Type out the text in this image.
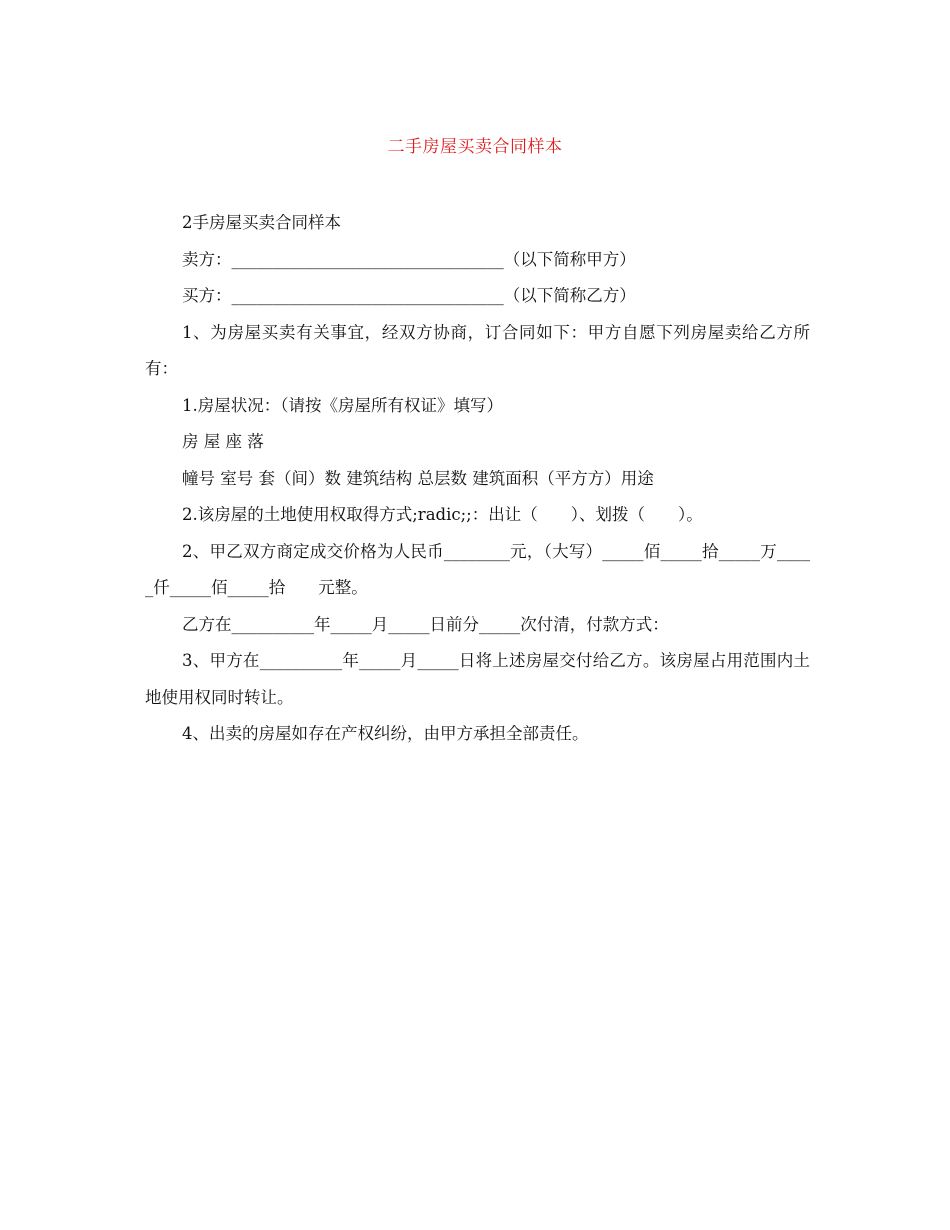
二手房屋买卖合同样本

2手房屋买卖合同样本

卖方：_________________________________（以下简称甲方）

买方：_________________________________（以下简称乙方）

1、为房屋买卖有关事宜，经双方协商，订合同如下：甲方自愿下列房屋卖给乙方所有：

1.房屋状况：（请按《房屋所有权证》填写）

房 屋 座 落

幢号 室号 套（间）数 建筑结构 总层数 建筑面积（平方方）用途

2.该房屋的土地使用权取得方式;radic;;：出让（　　）、划拨（　　）。

2、甲乙双方商定成交价格为人民币________元，（大写）_____佰_____拾_____万_____仟_____佰_____拾　　元整。

乙方在__________年_____月_____日前分_____次付清，付款方式：

3、甲方在__________年_____月_____日将上述房屋交付给乙方。该房屋占用范围内土地使用权同时转让。

4、出卖的房屋如存在产权纠纷，由甲方承担全部责任。
